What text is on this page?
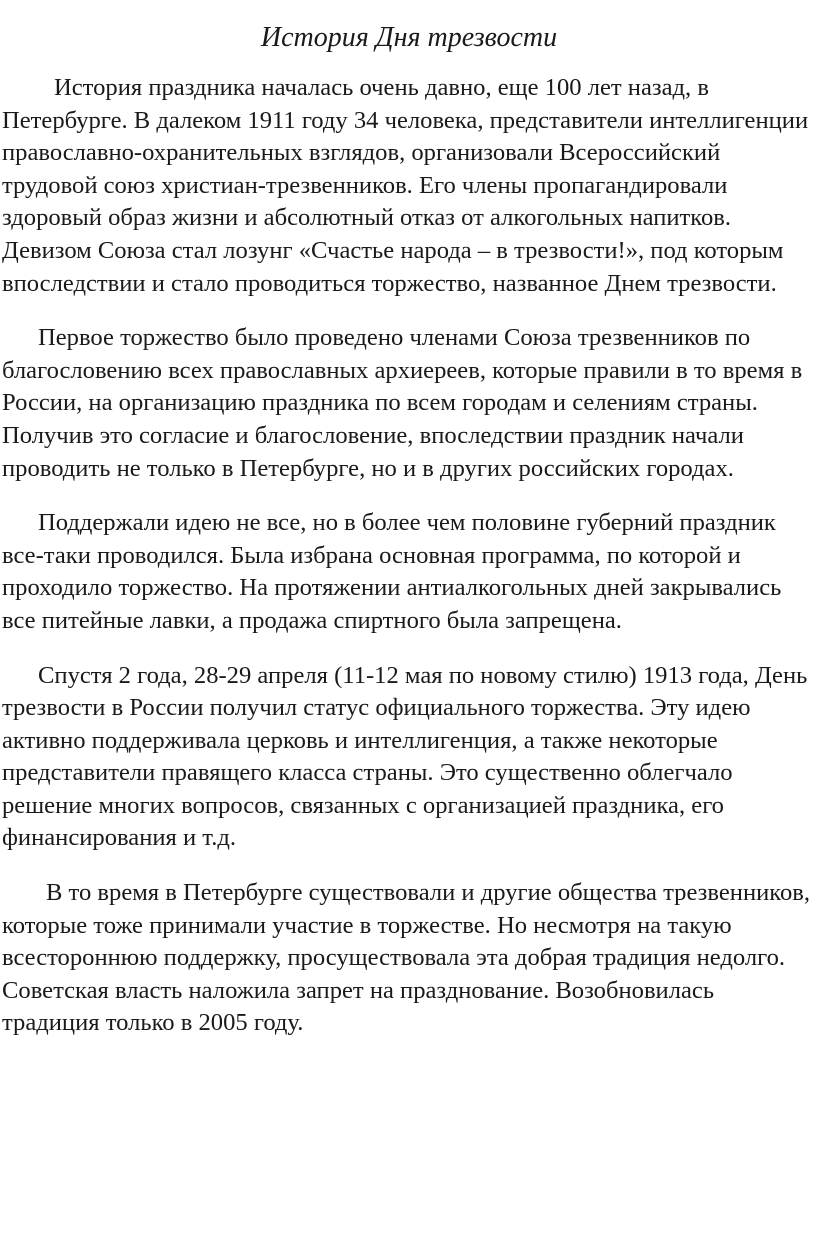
История Дня трезвости

История праздника началась очень давно, еще 100 лет назад, в Петербурге. В далеком 1911 году 34 человека, представители интеллигенции православно-охранительных взглядов, организовали Всероссийский трудовой союз христиан-трезвенников. Его члены пропагандировали здоровый образ жизни и абсолютный отказ от алкогольных напитков. Девизом Союза стал лозунг «Счастье народа – в трезвости!», под которым впоследствии и стало проводиться торжество, названное Днем трезвости.

Первое торжество было проведено членами Союза трезвенников по благословению всех православных архиереев, которые правили в то время в России, на организацию праздника по всем городам и селениям страны. Получив это согласие и благословение, впоследствии праздник начали проводить не только в Петербурге, но и в других российских городах.

Поддержали идею не все, но в более чем половине губерний праздник все-таки проводился. Была избрана основная программа, по которой и проходило торжество. На протяжении антиалкогольных дней закрывались все питейные лавки, а продажа спиртного была запрещена.

Спустя 2 года, 28-29 апреля (11-12 мая по новому стилю) 1913 года, День трезвости в России получил статус официального торжества. Эту идею активно поддерживала церковь и интеллигенция, а также некоторые представители правящего класса страны. Это существенно облегчало решение многих вопросов, связанных с организацией праздника, его финансирования и т.д.

В то время в Петербурге существовали и другие общества трезвенников, которые тоже принимали участие в торжестве. Но несмотря на такую всестороннюю поддержку, просуществовала эта добрая традиция недолго. Советская власть наложила запрет на празднование. Возобновилась традиция только в 2005 году.
